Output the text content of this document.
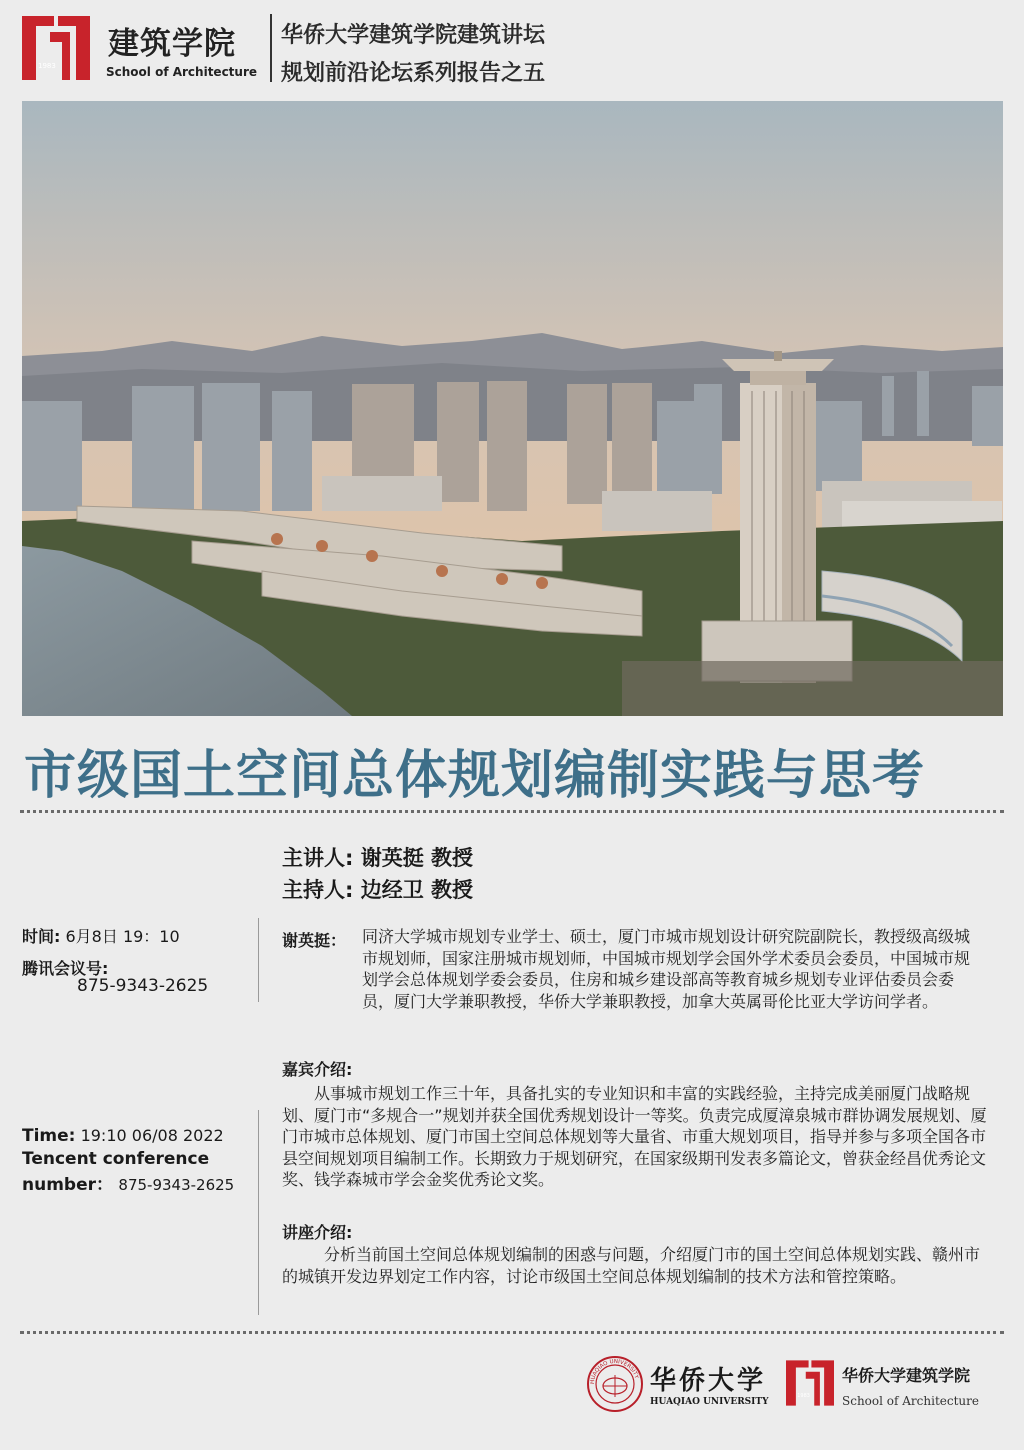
1983
建筑学院
School of Architecture
华侨大学建筑学院建筑讲坛
规划前沿论坛系列报告之五
市级国土空间总体规划编制实践与思考
主讲人: 谢英挺 教授
主持人: 边经卫 教授
时间: 6月8日 19：10
腾讯会议号:
875-9343-2625
Time: 19:10 06/08 2022
Tencent conference
number： 875-9343-2625
谢英挺： 同济大学城市规划专业学士、硕士，厦门市城市规划设计研究院副院长，教授级高级城市规划师，国家注册城市规划师，中国城市规划学会国外学术委员会委员，中国城市规划学会总体规划学委会委员，住房和城乡建设部高等教育城乡规划专业评估委员会委员，厦门大学兼职教授，华侨大学兼职教授，加拿大英属哥伦比亚大学访问学者。
嘉宾介绍:
从事城市规划工作三十年，具备扎实的专业知识和丰富的实践经验，主持完成美丽厦门战略规划、厦门市“多规合一”规划并获全国优秀规划设计一等奖。负责完成厦漳泉城市群协调发展规划、厦门市城市总体规划、厦门市国土空间总体规划等大量省、市重大规划项目，指导并参与多项全国各市县空间规划项目编制工作。长期致力于规划研究，在国家级期刊发表多篇论文，曾获金经昌优秀论文奖、钱学森城市学会金奖优秀论文奖。
讲座介绍:
分析当前国土空间总体规划编制的困惑与问题，介绍厦门市的国土空间总体规划实践、赣州市的城镇开发边界划定工作内容，讨论市级国土空间总体规划编制的技术方法和管控策略。
HUAQIAO UNIVERSITY 华侨大学
HUAQIAO UNIVERSITY
1983
华侨大学建筑学院
School of Architecture
